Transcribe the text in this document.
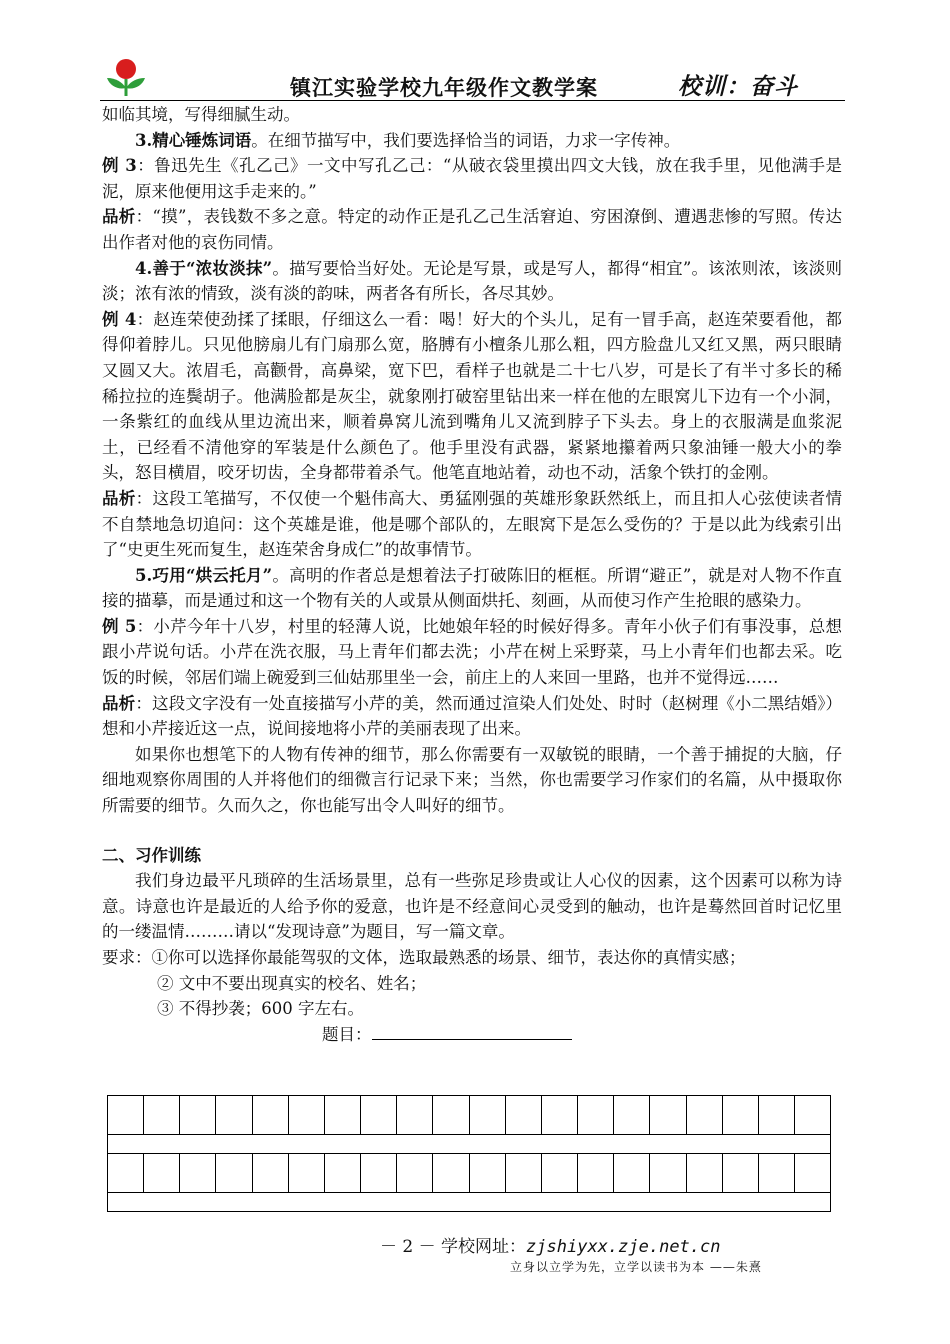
镇江实验学校九年级作文教学案	校训：奋斗

如临其境，写得细腻生动。

3.精心锤炼词语。在细节描写中，我们要选择恰当的词语，力求一字传神。

例 3：鲁迅先生《孔乙己》一文中写孔乙己：“从破衣袋里摸出四文大钱，放在我手里，见他满手是泥，原来他便用这手走来的。”

品析：“摸”，表钱数不多之意。特定的动作正是孔乙己生活窘迫、穷困潦倒、遭遇悲惨的写照。传达出作者对他的哀伤同情。

4.善于“浓妆淡抹”。描写要恰当好处。无论是写景，或是写人，都得“相宜”。该浓则浓，该淡则淡；浓有浓的情致，淡有淡的韵味，两者各有所长，各尽其妙。

例 4：赵连荣使劲揉了揉眼，仔细这么一看：喝！好大的个头儿，足有一冒手高，赵连荣要看他，都得仰着脖儿。只见他膀扇儿有门扇那么宽，胳膊有小檀条儿那么粗，四方脸盘儿又红又黑，两只眼睛又圆又大。浓眉毛，高颧骨，高鼻梁，宽下巴，看样子也就是二十七八岁，可是长了有半寸多长的稀稀拉拉的连鬓胡子。他满脸都是灰尘，就象刚打破窑里钻出来一样在他的左眼窝儿下边有一个小洞，一条紫红的血线从里边流出来，顺着鼻窝儿流到嘴角儿又流到脖子下头去。身上的衣服满是血浆泥土，已经看不清他穿的军装是什么颜色了。他手里没有武器，紧紧地攥着两只象油锤一般大小的拳头，怒目横眉，咬牙切齿，全身都带着杀气。他笔直地站着，动也不动，活象个铁打的金刚。

品析：这段工笔描写，不仅使一个魁伟高大、勇猛刚强的英雄形象跃然纸上，而且扣人心弦使读者情不自禁地急切追问：这个英雄是谁，他是哪个部队的，左眼窝下是怎么受伤的？于是以此为线索引出了“史更生死而复生，赵连荣舍身成仁”的故事情节。

5.巧用“烘云托月”。高明的作者总是想着法子打破陈旧的框框。所谓“避正”，就是对人物不作直接的描摹，而是通过和这一个物有关的人或景从侧面烘托、刻画，从而使习作产生抢眼的感染力。

例 5：小芹今年十八岁，村里的轻薄人说，比她娘年轻的时候好得多。青年小伙子们有事没事，总想跟小芹说句话。小芹在洗衣服，马上青年们都去洗；小芹在树上采野菜，马上小青年们也都去采。吃饭的时候，邻居们端上碗爱到三仙姑那里坐一会，前庄上的人来回一里路，也并不觉得远……
（赵树理《小二黑结婚》）

品析：这段文字没有一处直接描写小芹的美，然而通过渲染人们处处、时时想和小芹接近这一点，说间接地将小芹的美丽表现了出来。

如果你也想笔下的人物有传神的细节，那么你需要有一双敏锐的眼睛，一个善于捕捉的大脑，仔细地观察你周围的人并将他们的细微言行记录下来；当然，你也需要学习作家们的名篇，从中摄取你所需要的细节。久而久之，你也能写出令人叫好的细节。

二、习作训练

我们身边最平凡琐碎的生活场景里，总有一些弥足珍贵或让人心仪的因素，这个因素可以称为诗意。诗意也许是最近的人给予你的爱意，也许是不经意间心灵受到的触动，也许是蓦然回首时记忆里的一缕温情………请以“发现诗意”为题目，写一篇文章。

要求：①你可以选择你最能驾驭的文体，选取最熟悉的场景、细节，表达你的真情实感；

② 文中不要出现真实的校名、姓名；

③ 不得抄袭；600 字左右。

题目：

－ 2 － 学校网址：zjshiyxx.zje.net.cn
立身以立学为先，立学以读书为本 ——朱熹
